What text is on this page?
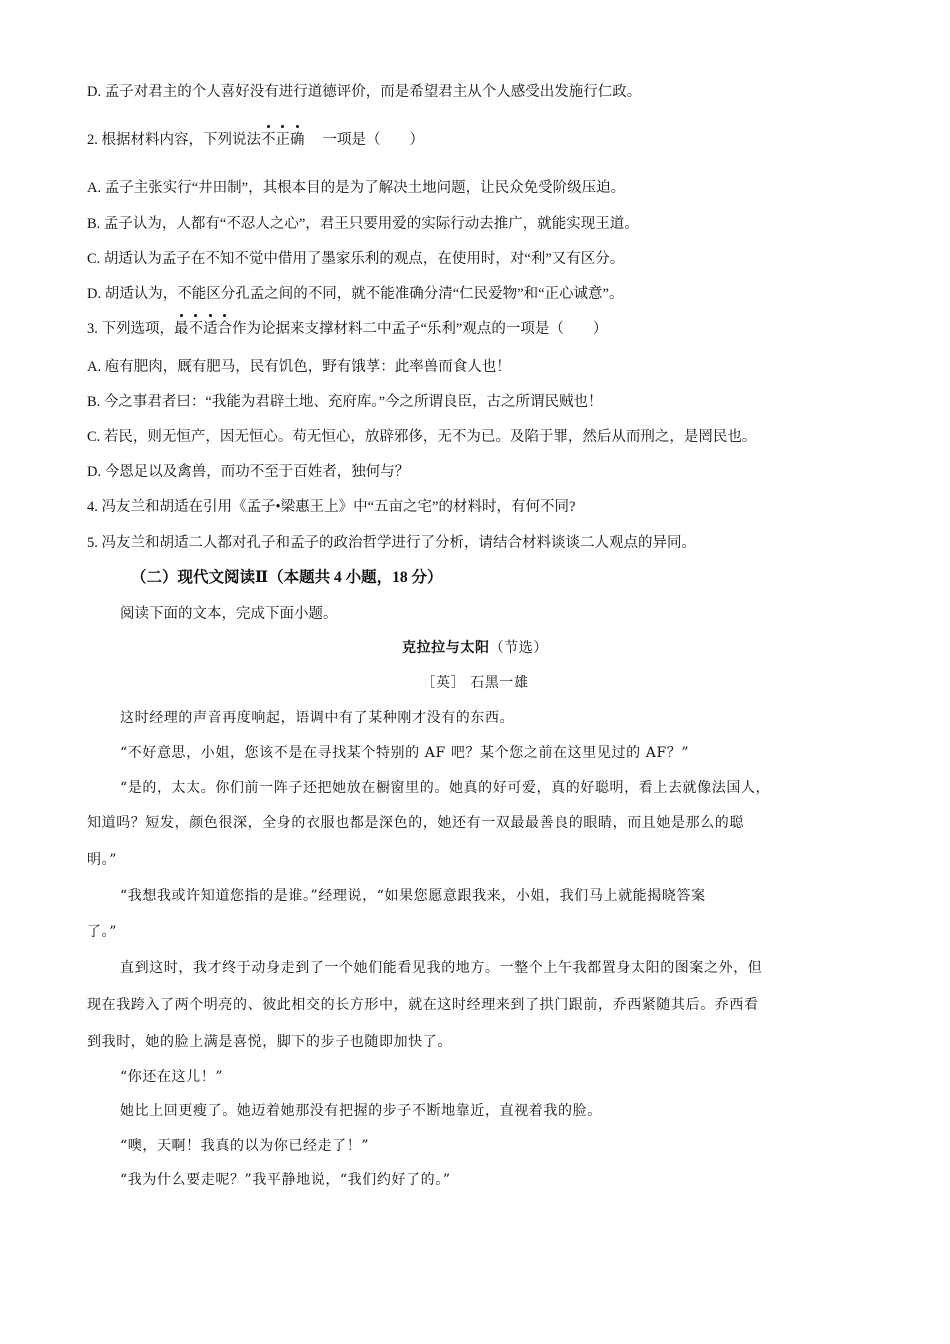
D. 孟子对君主的个人喜好没有进行道德评价，而是希望君主从个人感受出发施行仁政。
2. 根据材料内容，下列说法不正确 一项是（　　）
A. 孟子主张实行“井田制”，其根本目的是为了解决土地问题，让民众免受阶级压迫。
B. 孟子认为，人都有“不忍人之心”，君王只要用爱的实际行动去推广，就能实现王道。
C. 胡适认为孟子在不知不觉中借用了墨家乐利的观点，在使用时，对“利”又有区分。
D. 胡适认为，不能区分孔孟之间的不同，就不能准确分清“仁民爱物”和“正心诚意”。
3. 下列选项，最不适合作为论据来支撑材料二中孟子“乐利”观点的一项是（　　）
A. 庖有肥肉，厩有肥马，民有饥色，野有饿莩：此率兽而食人也！
B. 今之事君者曰：“我能为君辟土地、充府库。”今之所谓良臣，古之所谓民贼也！
C. 若民，则无恒产，因无恒心。苟无恒心，放辟邪侈，无不为已。及陷于罪，然后从而刑之，是罔民也。
D. 今恩足以及禽兽，而功不至于百姓者，独何与？
4. 冯友兰和胡适在引用《孟子•梁惠王上》中“五亩之宅”的材料时，有何不同?
5. 冯友兰和胡适二人都对孔子和孟子的政治哲学进行了分析，请结合材料谈谈二人观点的异同。
（二）现代文阅读Ⅱ（本题共 4 小题，18 分）
阅读下面的文本，完成下面小题。
克拉拉与太阳（节选）
［英］ 石黑一雄
这时经理的声音再度响起，语调中有了某种刚才没有的东西。
“不好意思，小姐，您该不是在寻找某个特别的 AF 吧？某个您之前在这里见过的 AF？”
“是的，太太。你们前一阵子还把她放在橱窗里的。她真的好可爱，真的好聪明，看上去就像法国人，
知道吗？短发，颜色很深，全身的衣服也都是深色的，她还有一双最最善良的眼睛，而且她是那么的聪
明。”
“我想我或许知道您指的是谁。”经理说，“如果您愿意跟我来，小姐，我们马上就能揭晓答案
了。”
直到这时，我才终于动身走到了一个她们能看见我的地方。一整个上午我都置身太阳的图案之外，但
现在我跨入了两个明亮的、彼此相交的长方形中，就在这时经理来到了拱门跟前，乔西紧随其后。乔西看
到我时，她的脸上满是喜悦，脚下的步子也随即加快了。
“你还在这儿！”
她比上回更瘦了。她迈着她那没有把握的步子不断地靠近，直视着我的脸。
“噢，天啊！我真的以为你已经走了！”
“我为什么要走呢？”我平静地说，“我们约好了的。”
